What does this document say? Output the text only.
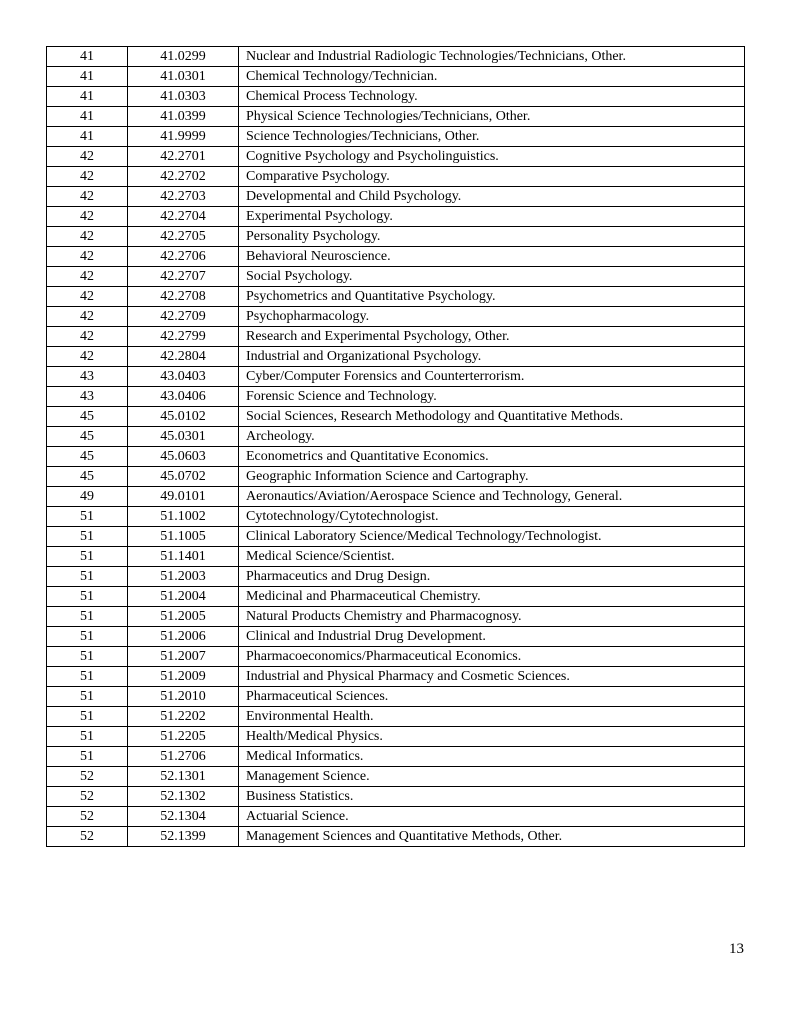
41	41.0299	Nuclear and Industrial Radiologic Technologies/Technicians, Other.
41	41.0301	Chemical Technology/Technician.
41	41.0303	Chemical Process Technology.
41	41.0399	Physical Science Technologies/Technicians, Other.
41	41.9999	Science Technologies/Technicians, Other.
42	42.2701	Cognitive Psychology and Psycholinguistics.
42	42.2702	Comparative Psychology.
42	42.2703	Developmental and Child Psychology.
42	42.2704	Experimental Psychology.
42	42.2705	Personality Psychology.
42	42.2706	Behavioral Neuroscience.
42	42.2707	Social Psychology.
42	42.2708	Psychometrics and Quantitative Psychology.
42	42.2709	Psychopharmacology.
42	42.2799	Research and Experimental Psychology, Other.
42	42.2804	Industrial and Organizational Psychology.
43	43.0403	Cyber/Computer Forensics and Counterterrorism.
43	43.0406	Forensic Science and Technology.
45	45.0102	Social Sciences, Research Methodology and Quantitative Methods.
45	45.0301	Archeology.
45	45.0603	Econometrics and Quantitative Economics.
45	45.0702	Geographic Information Science and Cartography.
49	49.0101	Aeronautics/Aviation/Aerospace Science and Technology, General.
51	51.1002	Cytotechnology/Cytotechnologist.
51	51.1005	Clinical Laboratory Science/Medical Technology/Technologist.
51	51.1401	Medical Science/Scientist.
51	51.2003	Pharmaceutics and Drug Design.
51	51.2004	Medicinal and Pharmaceutical Chemistry.
51	51.2005	Natural Products Chemistry and Pharmacognosy.
51	51.2006	Clinical and Industrial Drug Development.
51	51.2007	Pharmacoeconomics/Pharmaceutical Economics.
51	51.2009	Industrial and Physical Pharmacy and Cosmetic Sciences.
51	51.2010	Pharmaceutical Sciences.
51	51.2202	Environmental Health.
51	51.2205	Health/Medical Physics.
51	51.2706	Medical Informatics.
52	52.1301	Management Science.
52	52.1302	Business Statistics.
52	52.1304	Actuarial Science.
52	52.1399	Management Sciences and Quantitative Methods, Other.
13
